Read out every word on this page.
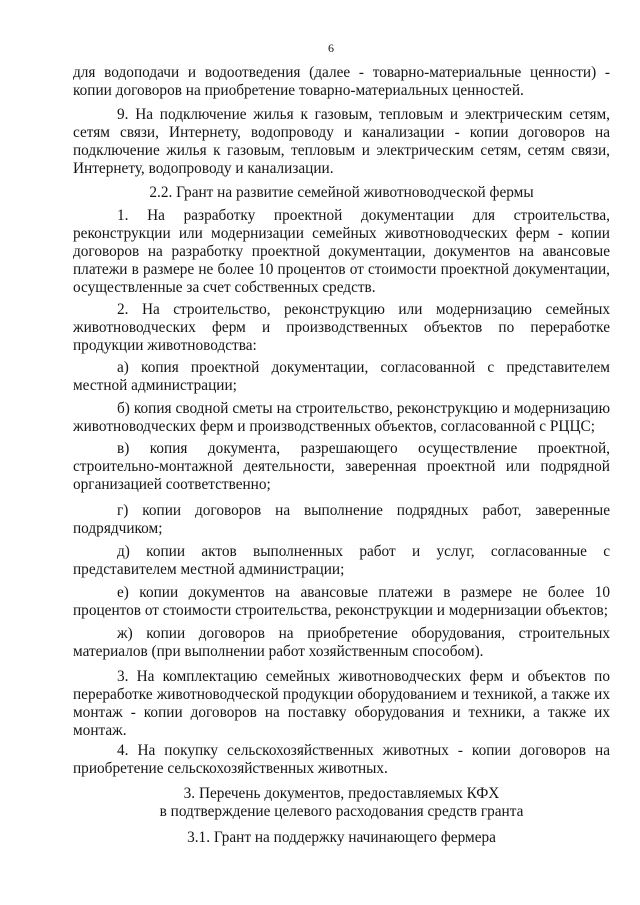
6
для водоподачи и водоотведения (далее - товарно-материальные ценности) - копии договоров на приобретение товарно-материальных ценностей.
9. На подключение жилья к газовым, тепловым и электрическим сетям, сетям связи, Интернету, водопроводу и канализации - копии договоров на подключение жилья к газовым, тепловым и электрическим сетям, сетям связи, Интернету, водопроводу и канализации.
2.2. Грант на развитие семейной животноводческой фермы
1. На разработку проектной документации для строительства, реконструкции или модернизации семейных животноводческих ферм - копии договоров на разработку проектной документации, документов на авансовые платежи в размере не более 10 процентов от стоимости проектной документации, осуществленные за счет собственных средств.
2. На строительство, реконструкцию или модернизацию семейных животноводческих ферм и производственных объектов по переработке продукции животноводства:
а) копия проектной документации, согласованной с представителем местной администрации;
б) копия сводной сметы на строительство, реконструкцию и модернизацию животноводческих ферм и производственных объектов, согласованной с РЦЦС;
в) копия документа, разрешающего осуществление проектной, строительно-монтажной деятельности, заверенная проектной или подрядной организацией соответственно;
г) копии договоров на выполнение подрядных работ, заверенные подрядчиком;
д) копии актов выполненных работ и услуг, согласованные с представителем местной администрации;
е) копии документов на авансовые платежи в размере не более 10 процентов от стоимости строительства, реконструкции и модернизации объектов;
ж) копии договоров на приобретение оборудования, строительных материалов (при выполнении работ хозяйственным способом).
3. На комплектацию семейных животноводческих ферм и объектов по переработке животноводческой продукции оборудованием и техникой, а также их монтаж - копии договоров на поставку оборудования и техники, а также их монтаж.
4. На покупку сельскохозяйственных животных - копии договоров на приобретение сельскохозяйственных животных.
3. Перечень документов, предоставляемых КФХ
в подтверждение целевого расходования средств гранта
3.1. Грант на поддержку начинающего фермера
